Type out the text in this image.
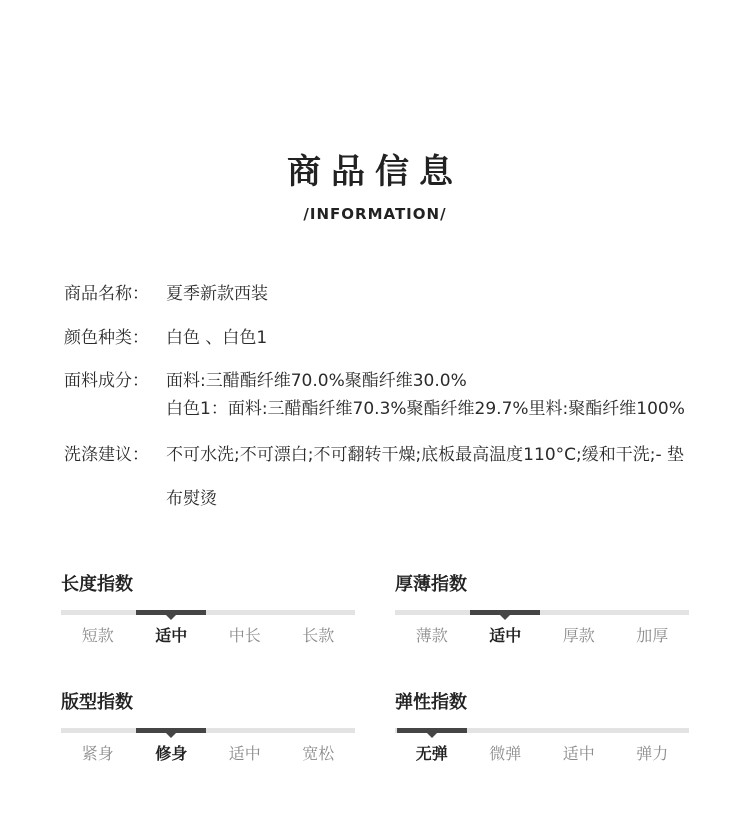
商品信息
/INFORMATION/
商品名称： 夏季新款西装
颜色种类： 白色 、白色1
面料成分： 面料:三醋酯纤维70.0%聚酯纤维30.0%
白色1：面料:三醋酯纤维70.3%聚酯纤维29.7%里料:聚酯纤维100%
洗涤建议： 不可水洗;不可漂白;不可翻转干燥;底板最高温度110°C;缓和干洗;- 垫布熨烫
长度指数
短款	适中	中长	长款
厚薄指数
薄款	适中	厚款	加厚
版型指数
紧身	修身	适中	宽松
弹性指数
无弹	微弹	适中	弹力
